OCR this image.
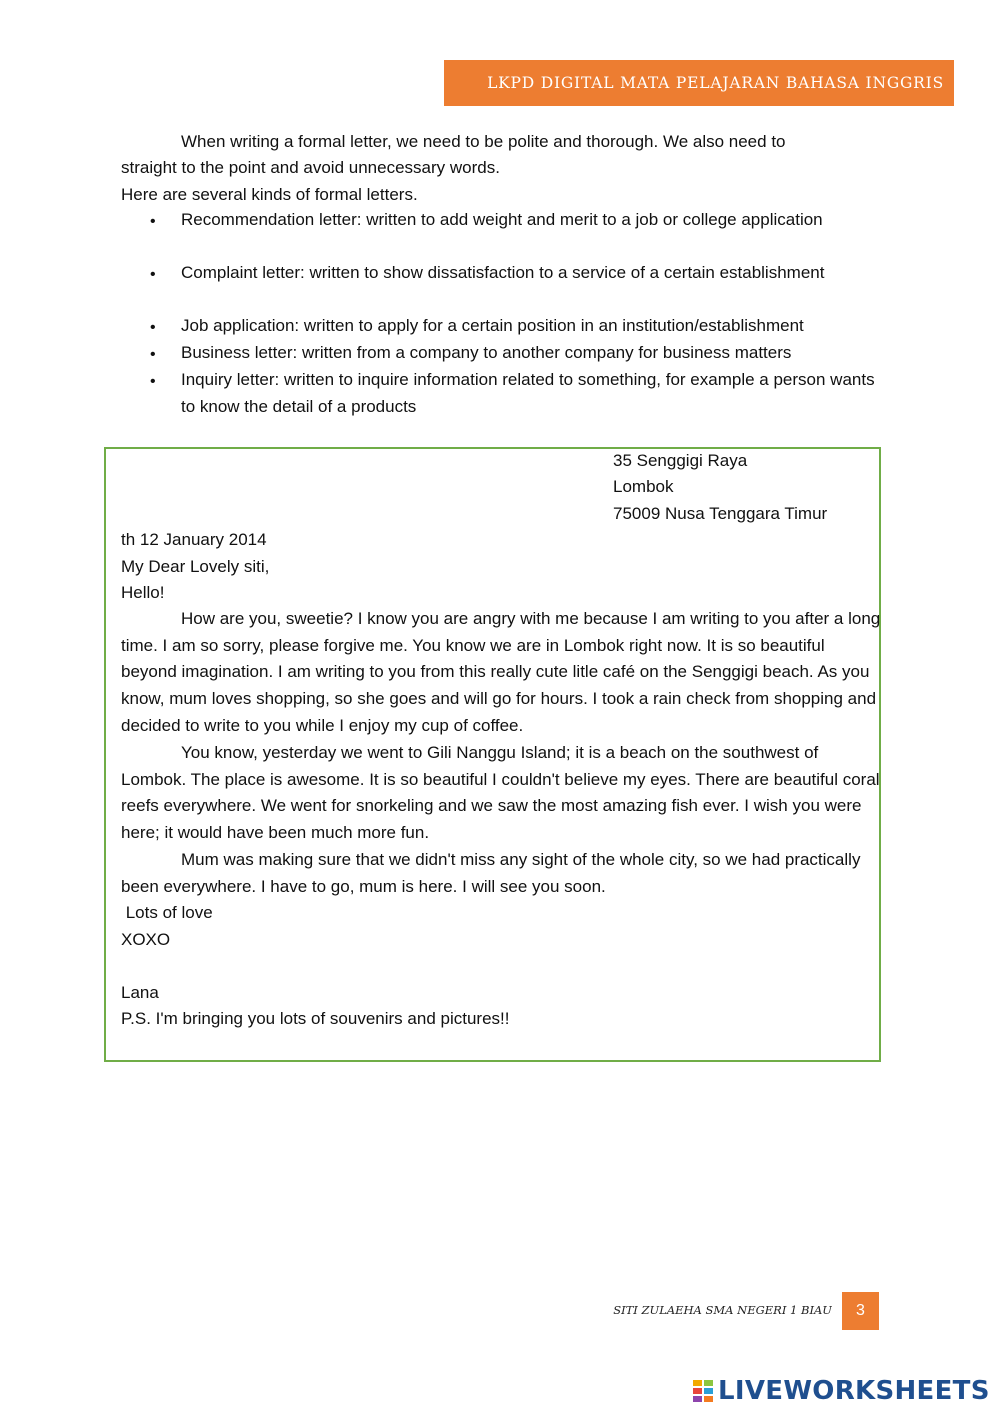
LKPD DIGITAL MATA PELAJARAN BAHASA INGGRIS
When writing a formal letter, we need to be polite and thorough. We also need to
straight to the point and avoid unnecessary words.
Here are several kinds of formal letters.
• Recommendation letter: written to add weight and merit to a job or college application
• Complaint letter: written to show dissatisfaction to a service of a certain establishment
• Job application: written to apply for a certain position in an institution/establishment
• Business letter: written from a company to another company for business matters
• Inquiry letter: written to inquire information related to something, for example a person wants to know the detail of a products
35 Senggigi Raya
Lombok
75009 Nusa Tenggara Timur
th 12 January 2014
My Dear Lovely siti,
Hello!
How are you, sweetie? I know you are angry with me because I am writing to you after a long time. I am so sorry, please forgive me. You know we are in Lombok right now. It is so beautiful beyond imagination. I am writing to you from this really cute litle café on the Senggigi beach. As you know, mum loves shopping, so she goes and will go for hours. I took a rain check from shopping and decided to write to you while I enjoy my cup of coffee.
You know, yesterday we went to Gili Nanggu Island; it is a beach on the southwest of Lombok. The place is awesome. It is so beautiful I couldn't believe my eyes. There are beautiful coral reefs everywhere. We went for snorkeling and we saw the most amazing fish ever. I wish you were here; it would have been much more fun.
Mum was making sure that we didn't miss any sight of the whole city, so we had practically been everywhere. I have to go, mum is here. I will see you soon.
Lots of love
XOXO
Lana
P.S. I'm bringing you lots of souvenirs and pictures!!
SITI ZULAEHA SMA NEGERI 1 BIAU 3
LIVEWORKSHEETS
